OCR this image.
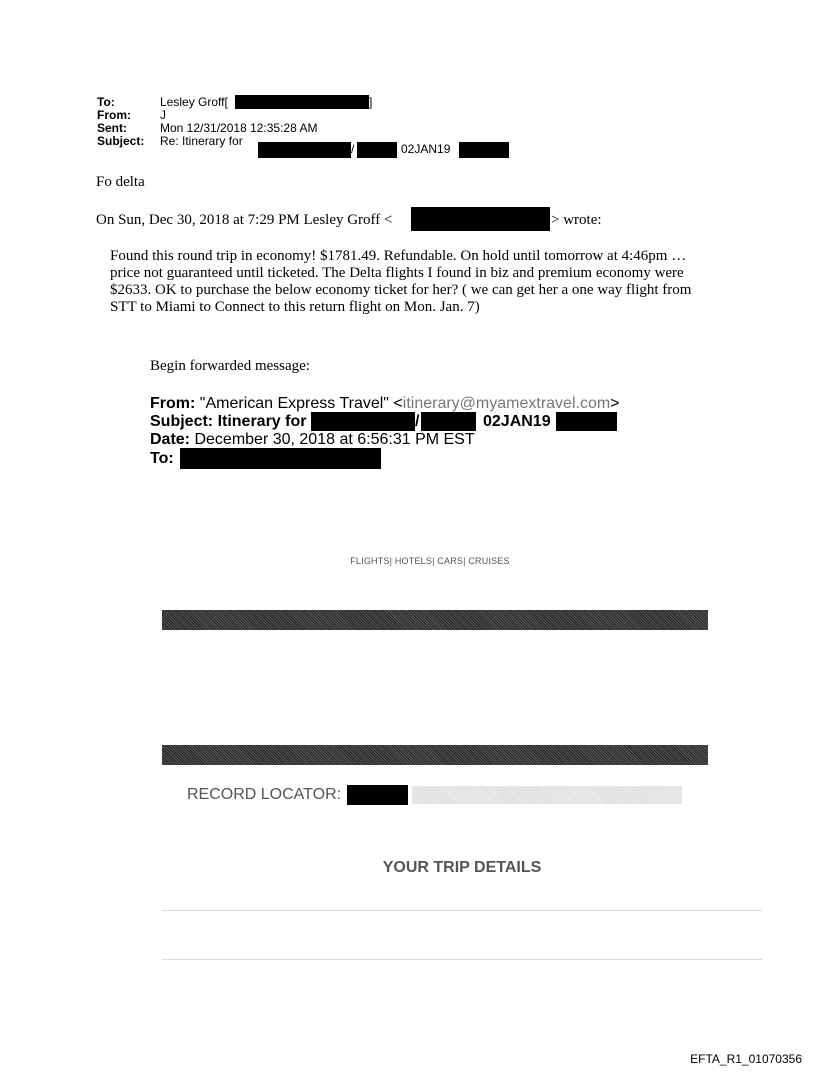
To:	Lesley Groff[	]
From: J
Sent:	Mon 12/31/2018 12:35:28 AM
Subject: Re: Itinerary for
/	02JAN19
Fo delta
On Sun, Dec 30, 2018 at 7:29 PM Lesley Groff <	> wrote:
Found this round trip in economy! $1781.49. Refundable. On hold until tomorrow at 4:46pm …price not guaranteed until ticketed. The Delta flights I found in biz and premium economy were $2633. OK to purchase the below economy ticket for her? ( we can get her a one way flight from STT to Miami to Connect to this return flight on Mon. Jan. 7)
Begin forwarded message:
From: "American Express Travel" <itinerary@myamextravel.com>
Subject: Itinerary for	/	02JAN19
Date: December 30, 2018 at 6:56:31 PM EST
To:
FLIGHTS| HOTELS| CARS| CRUISES
RECORD LOCATOR:
YOUR TRIP DETAILS
EFTA_R1_01070356
